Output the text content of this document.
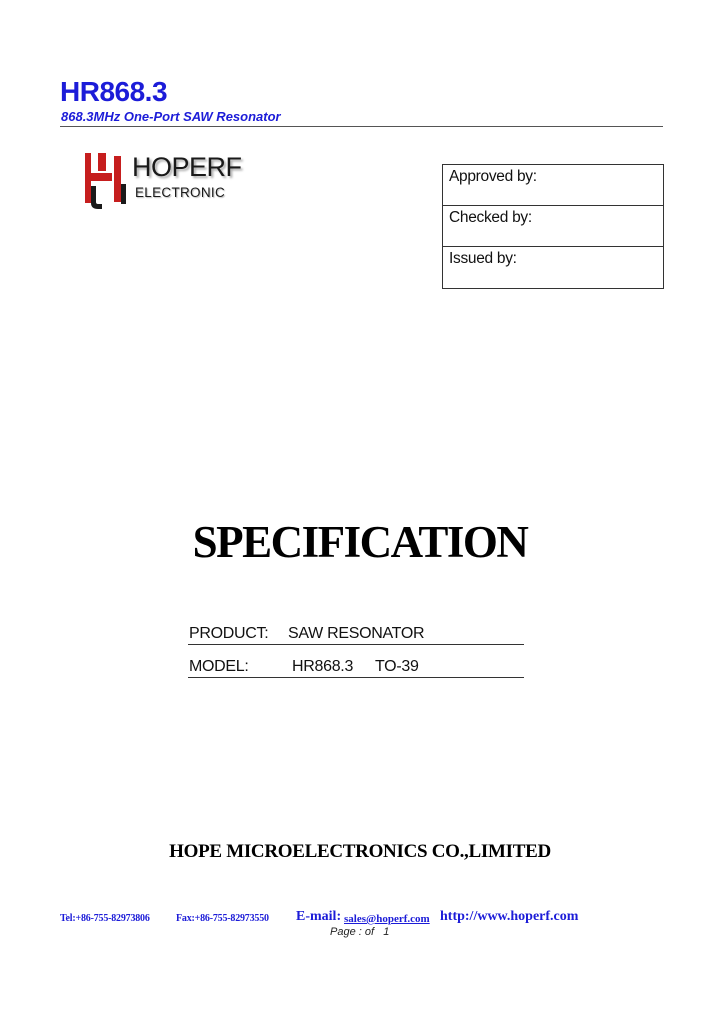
HR868.3
868.3MHz One-Port SAW Resonator
HOPERF
ELECTRONIC
Approved by:
Checked by:
Issued by:
SPECIFICATION
PRODUCT: SAW RESONATOR
MODEL:	HR868.3 TO-39
HOPE MICROELECTRONICS CO.,LIMITED
Tel:+86-755-82973806	Fax:+86-755-82973550 E-mail: sales@hoperf.com http://www.hoperf.com
Page : of 1
